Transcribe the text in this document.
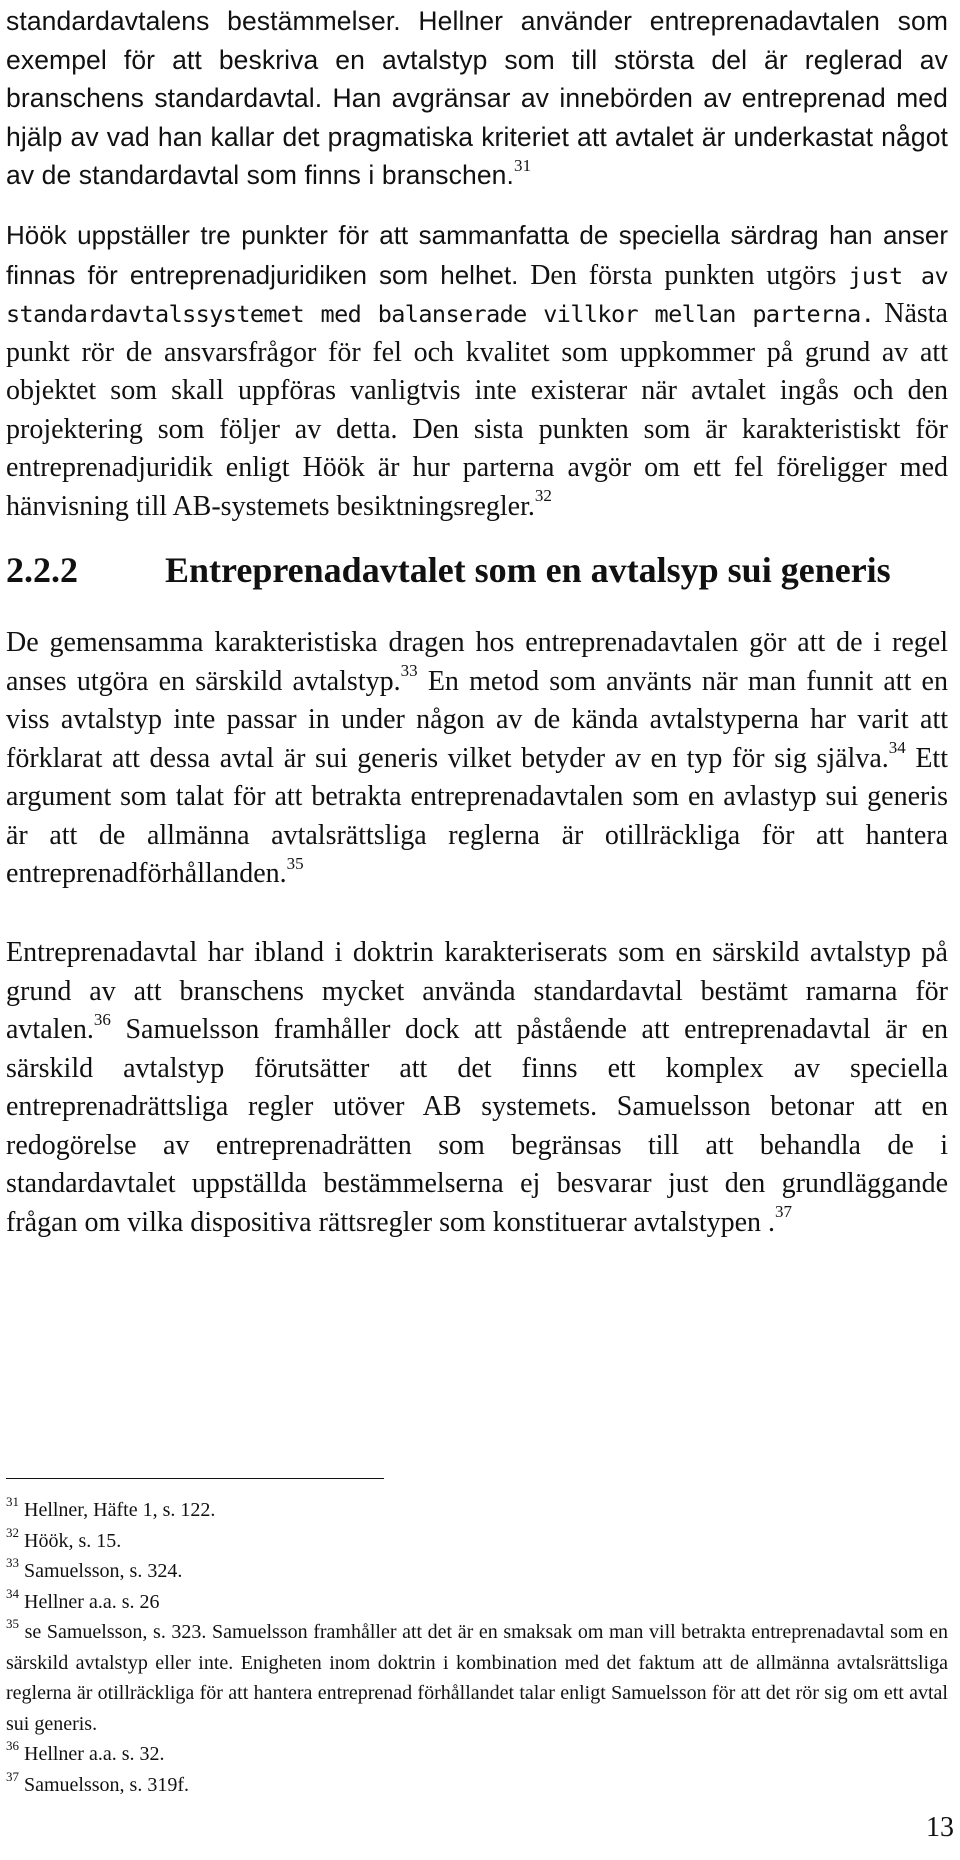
standardavtalens bestämmelser. Hellner använder entreprenadavtalen som exempel för att beskriva en avtalstyp som till största del är reglerad av branschens standardavtal. Han avgränsar av innebörden av entreprenad med hjälp av vad han kallar det pragmatiska kriteriet att avtalet är underkastat något av de standardavtal som finns i branschen.$^{31}$

Höök uppställer tre punkter för att sammanfatta de speciella särdrag han anser finnas för entreprenadjuridiken som helhet. Den första punkten utgörs just av standardavtalssystemet med balanserade villkor mellan parterna. Nästa punkt rör de ansvarsfrågor för fel och kvalitet som uppkommer på grund av att objektet som skall uppföras vanligtvis inte existerar när avtalet ingås och den projektering som följer av detta. Den sista punkten som är karakteristiskt för entreprenadjuridik enligt Höök är hur parterna avgör om ett fel föreligger med hänvisning till AB-systemets besiktningsregler.$^{32}$

2.2.2 Entreprenadavtalet som en avtalsyp sui generis

De gemensamma karakteristiska dragen hos entreprenadavtalen gör att de i regel anses utgöra en särskild avtalstyp.$^{33}$ En metod som använts när man funnit att en viss avtalstyp inte passar in under någon av de kända avtalstyperna har varit att förklarat att dessa avtal är sui generis vilket betyder av en typ för sig själva.$^{34}$ Ett argument som talat för att betrakta entreprenadavtalen som en avlastyp sui generis är att de allmänna avtalsrättsliga reglerna är otillräckliga för att hantera entreprenadförhållanden.$^{35}$

Entreprenadavtal har ibland i doktrin karakteriserats som en särskild avtalstyp på grund av att branschens mycket använda standardavtal bestämt ramarna för avtalen.$^{36}$ Samuelsson framhåller dock att påstående att entreprenadavtal är en särskild avtalstyp förutsätter att det finns ett komplex av speciella entreprenadrättsliga regler utöver AB systemets. Samuelsson betonar att en redogörelse av entreprenadrätten som begränsas till att behandla de i standardavtalet uppställda bestämmelserna ej besvarar just den grundläggande frågan om vilka dispositiva rättsregler som konstituerar avtalstypen .$^{37}$

$^{31}$ Hellner, Häfte 1, s. 122.

$^{32}$ Höök, s. 15.

$^{33}$ Samuelsson, s. 324.

$^{34}$ Hellner a.a. s. 26

$^{35}$ se Samuelsson, s. 323. Samuelsson framhåller att det är en smaksak om man vill betrakta entreprenadavtal som en särskild avtalstyp eller inte. Enigheten inom doktrin i kombination med det faktum att de allmänna avtalsrättsliga reglerna är otillräckliga för att hantera entreprenad förhållandet talar enligt Samuelsson för att det rör sig om ett avtal sui generis.

$^{36}$ Hellner a.a. s. 32.

$^{37}$ Samuelsson, s. 319f.

13
